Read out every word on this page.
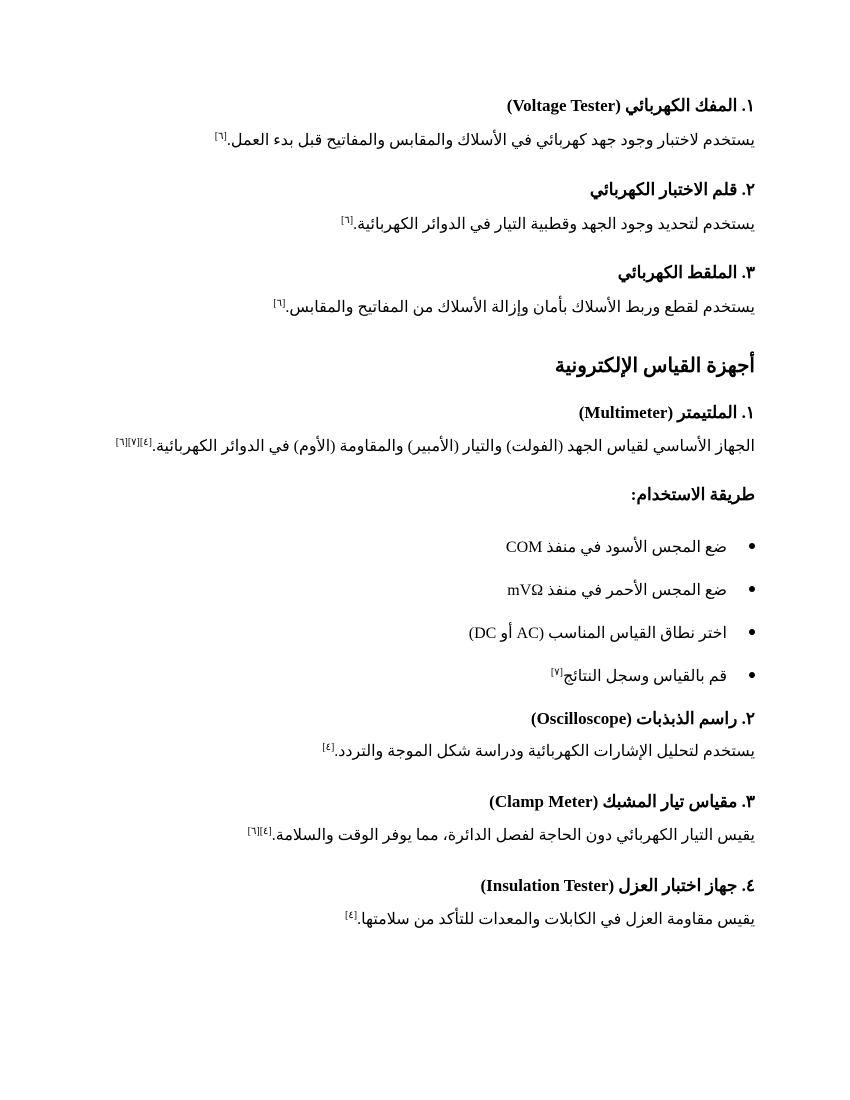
١. المفك الكهربائي (Voltage Tester)
يستخدم لاختبار وجود جهد كهربائي في الأسلاك والمقابس والمفاتيح قبل بدء العمل.[٦]
٢. قلم الاختبار الكهربائي
يستخدم لتحديد وجود الجهد وقطبية التيار في الدوائر الكهربائية.[٦]
٣. الملقط الكهربائي
يستخدم لقطع وربط الأسلاك بأمان وإزالة الأسلاك من المفاتيح والمقابس.[٦]
أجهزة القياس الإلكترونية
١. الملتيمتر (Multimeter)
الجهاز الأساسي لقياس الجهد (الفولت) والتيار (الأمبير) والمقاومة (الأوم) في الدوائر الكهربائية.[٤][٧][٦]
طريقة الاستخدام:
ضع المجس الأسود في منفذ COM
ضع المجس الأحمر في منفذ mVΩ
اختر نطاق القياس المناسب (AC أو DC)
قم بالقياس وسجل النتائج[٧]
٢. راسم الذبذبات (Oscilloscope)
يستخدم لتحليل الإشارات الكهربائية ودراسة شكل الموجة والتردد.[٤]
٣. مقياس تيار المشبك (Clamp Meter)
يقيس التيار الكهربائي دون الحاجة لفصل الدائرة، مما يوفر الوقت والسلامة.[٤][٦]
٤. جهاز اختبار العزل (Insulation Tester)
يقيس مقاومة العزل في الكابلات والمعدات للتأكد من سلامتها.[٤]
